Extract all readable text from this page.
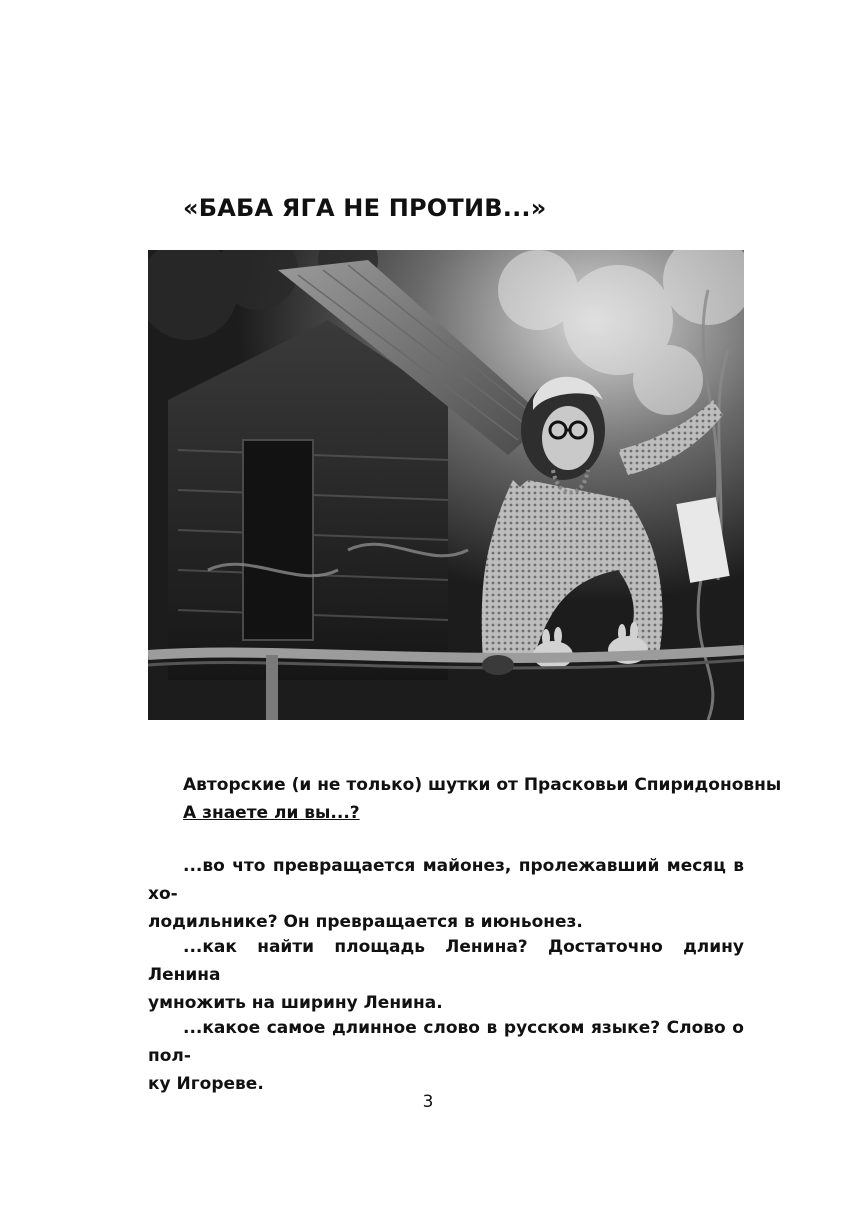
«БАБА ЯГА НЕ ПРОТИВ...»

Авторские (и не только) шутки от Прасковьи Спиридоновны

А знаете ли вы...?

...во что превращается майонез, пролежавший месяц в хо-
лодильнике? Он превращается в июньонез.

...как найти площадь Ленина? Достаточно длину Ленина
умножить на ширину Ленина.

...какое самое длинное слово в русском языке? Слово о пол-
ку Игореве.

3
